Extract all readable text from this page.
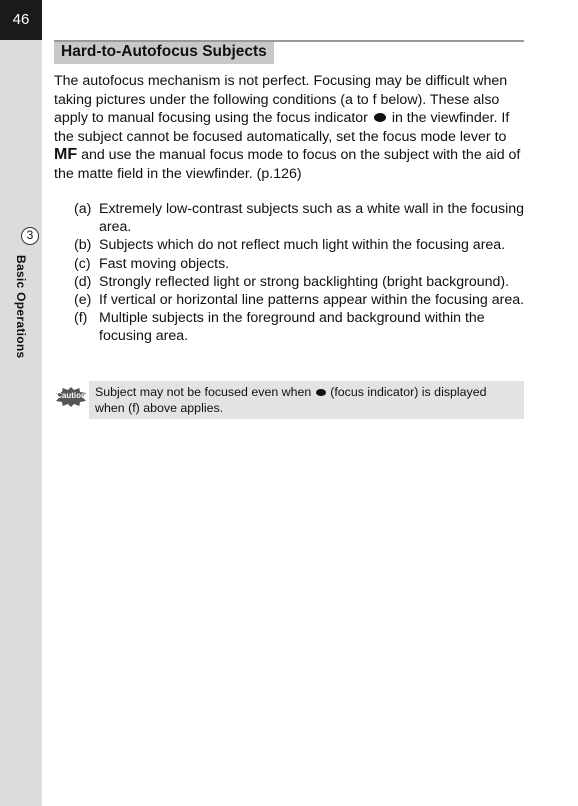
46
3
Basic Operations
Hard-to-Autofocus Subjects

The autofocus mechanism is not perfect. Focusing may be difficult when taking pictures under the following conditions (a to f below). These also apply to manual focusing using the focus indicator in the viewfinder. If the subject cannot be focused automatically, set the focus mode lever to MF and use the manual focus mode to focus on the subject with the aid of the matte field in the viewfinder. (p.126)

(a) Extremely low-contrast subjects such as a white wall in the focusing area.
(b) Subjects which do not reflect much light within the focusing area.
(c) Fast moving objects.
(d) Strongly reflected light or strong backlighting (bright background).
(e) If vertical or horizontal line patterns appear within the focusing area.
(f) Multiple subjects in the foreground and background within the focusing area.
Caution Subject may not be focused even when (focus indicator) is displayed when (f) above applies.
